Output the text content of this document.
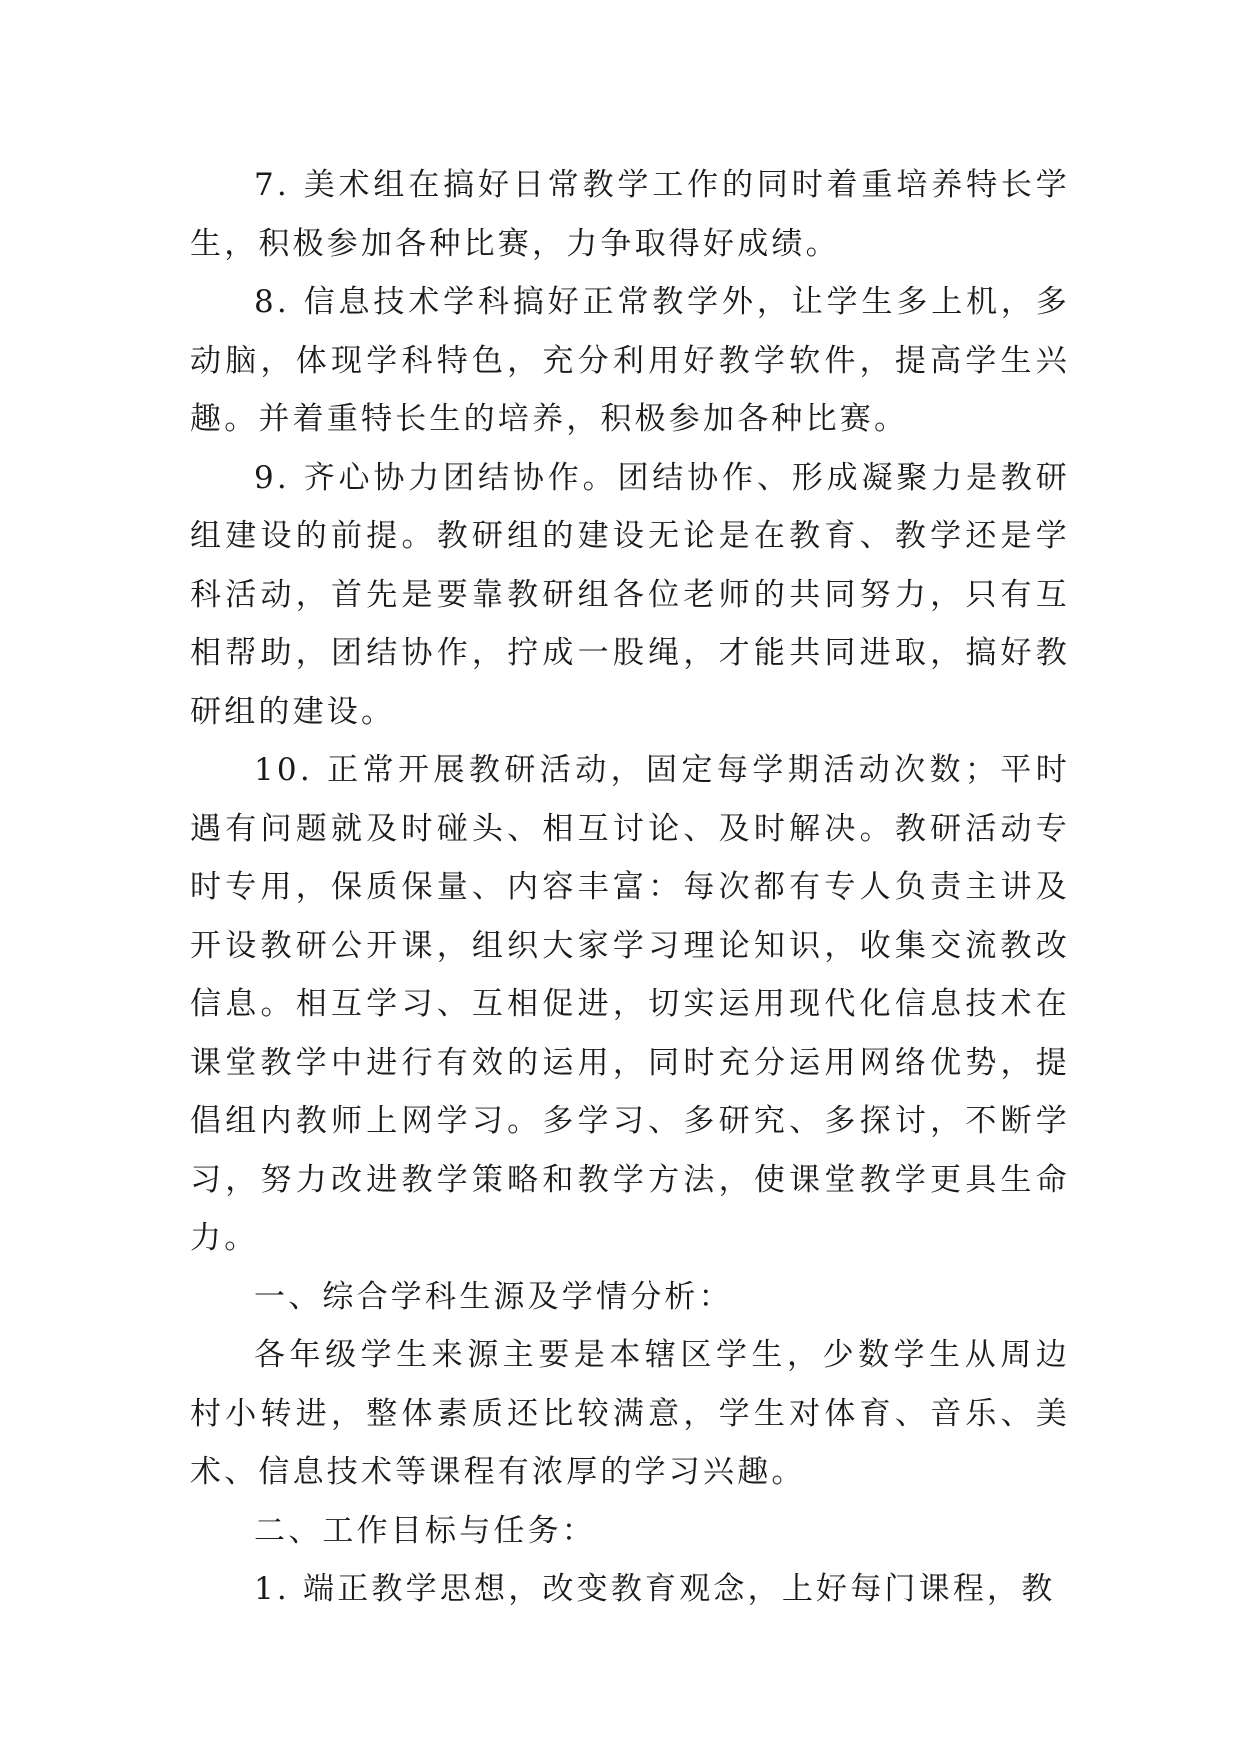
7. 美术组在搞好日常教学工作的同时着重培养特长学生，积极参加各种比赛，力争取得好成绩。

8. 信息技术学科搞好正常教学外，让学生多上机，多动脑，体现学科特色，充分利用好教学软件，提高学生兴趣。并着重特长生的培养，积极参加各种比赛。

9. 齐心协力团结协作。团结协作、形成凝聚力是教研组建设的前提。教研组的建设无论是在教育、教学还是学科活动，首先是要靠教研组各位老师的共同努力，只有互相帮助，团结协作，拧成一股绳，才能共同进取，搞好教研组的建设。

10. 正常开展教研活动，固定每学期活动次数；平时遇有问题就及时碰头、相互讨论、及时解决。教研活动专时专用，保质保量、内容丰富：每次都有专人负责主讲及开设教研公开课，组织大家学习理论知识，收集交流教改信息。相互学习、互相促进，切实运用现代化信息技术在课堂教学中进行有效的运用，同时充分运用网络优势，提倡组内教师上网学习。多学习、多研究、多探讨，不断学习，努力改进教学策略和教学方法，使课堂教学更具生命力。

一、综合学科生源及学情分析：

各年级学生来源主要是本辖区学生，少数学生从周边村小转进，整体素质还比较满意，学生对体育、音乐、美术、信息技术等课程有浓厚的学习兴趣。

二、工作目标与任务：

1. 端正教学思想，改变教育观念，上好每门课程，教
